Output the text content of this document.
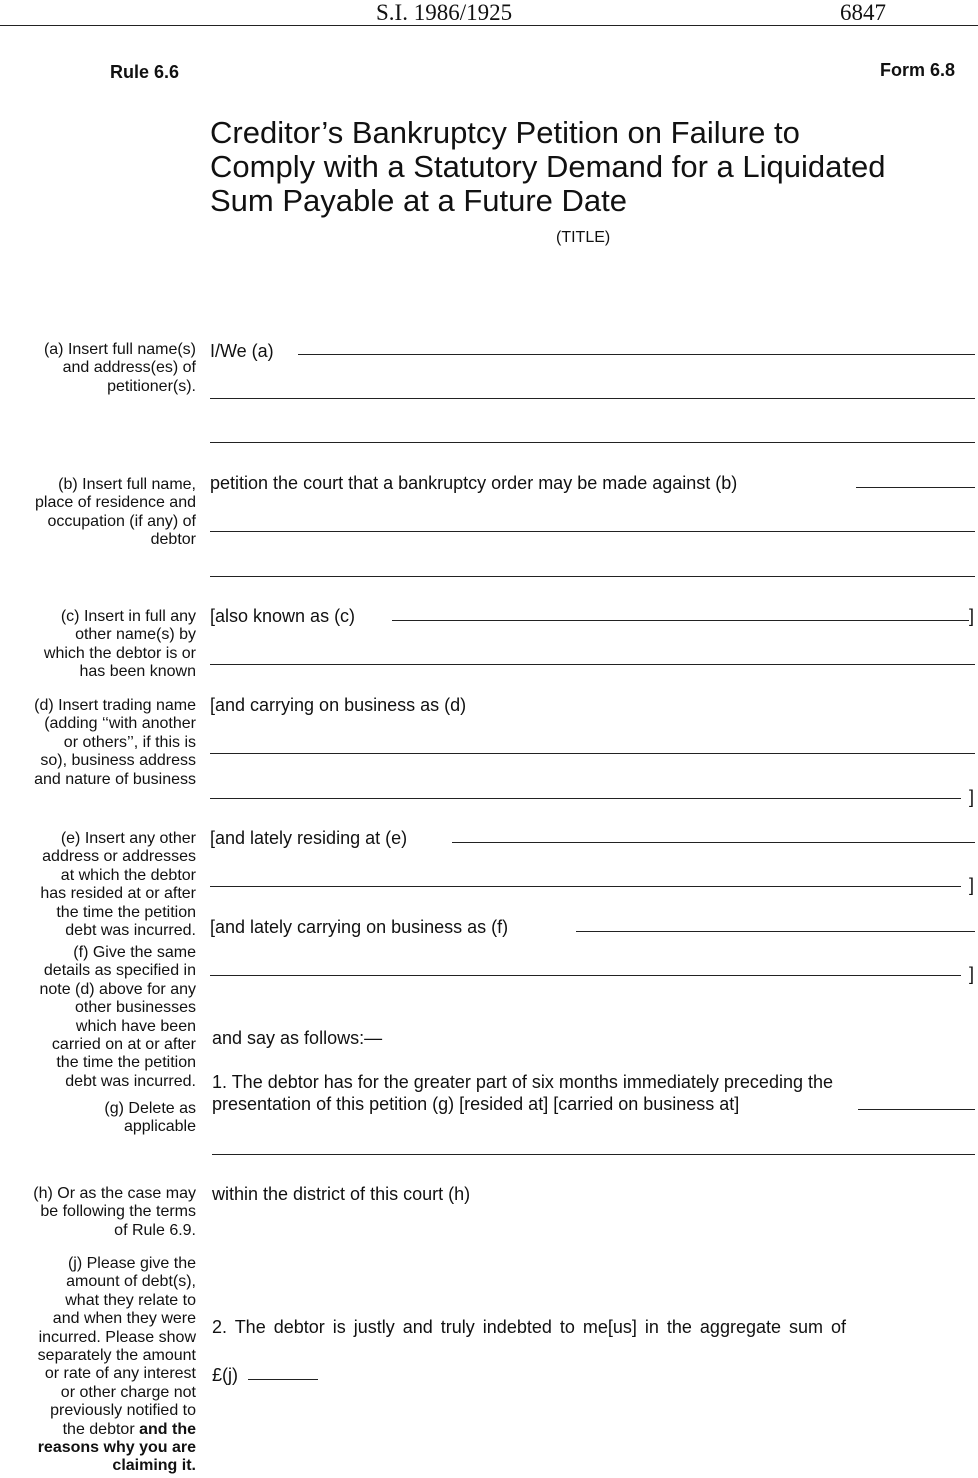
S.I. 1986/1925	6847
Rule 6.6	Form 6.8
Creditor’s Bankruptcy Petition on Failure to
Comply with a Statutory Demand for a Liquidated
Sum Payable at a Future Date
(TITLE)
(a) Insert full name(s)
and address(es) of
petitioner(s).
(b) Insert full name,
place of residence and
occupation (if any) of
debtor
(c) Insert in full any
other name(s) by
which the debtor is or
has been known
(d) Insert trading name
(adding ‘‘with another
or others’’, if this is
so), business address
and nature of business
(e) Insert any other
address or addresses
at which the debtor
has resided at or after
the time the petition
debt was incurred.
(f) Give the same
details as specified in
note (d) above for any
other businesses
which have been
carried on at or after
the time the petition
debt was incurred.
(g) Delete as
applicable
(h) Or as the case may
be following the terms
of Rule 6.9.
(j) Please give the
amount of debt(s),
what they relate to
and when they were
incurred. Please show
separately the amount
or rate of any interest
or other charge not
previously notified to
the debtor and the
reasons why you are
claiming it.
I/We (a)
petition the court that a bankruptcy order may be made against (b)
[also known as (c)	]
[and carrying on business as (d)
]
[and lately residing at (e)
]
[and lately carrying on business as (f)
]
and say as follows:—
1. The debtor has for the greater part of six months immediately preceding the
presentation of this petition (g) [resided at] [carried on business at]
within the district of this court (h)
2. The debtor is justly and truly indebted to me[us] in the aggregate sum of
£(j)
